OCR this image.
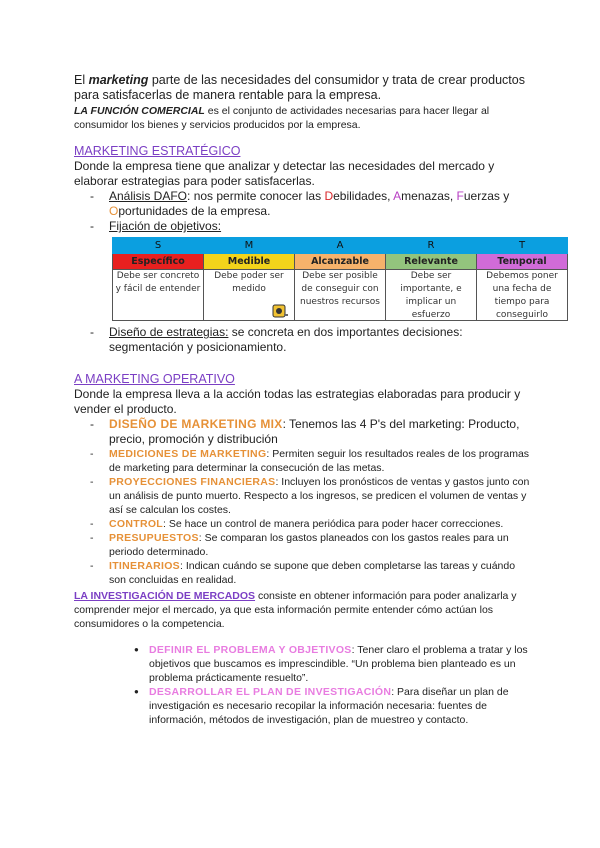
El marketing parte de las necesidades del consumidor y trata de crear productos para satisfacerlas de manera rentable para la empresa.

LA FUNCIÓN COMERCIAL es el conjunto de actividades necesarias para hacer llegar al consumidor los bienes y servicios producidos por la empresa.

MARKETING ESTRATÉGICO

Donde la empresa tiene que analizar y detectar las necesidades del mercado y elaborar estrategias para poder satisfacerlas.

- Análisis DAFO: nos permite conocer las Debilidades, Amenazas, Fuerzas y Oportunidades de la empresa.
- Fijación de objetivos:
S	M	A	R	T
Específico	Medible	Alcanzable	Relevante	Temporal

Debe ser concreto y fácil de entender	Debe poder ser medido	Debe ser posible de conseguir con nuestros recursos	Debe ser importante, e implicar un esfuerzo	Debemos poner una fecha de tiempo para conseguirlo
- Diseño de estrategias: se concreta en dos importantes decisiones: segmentación y posicionamiento.

A MARKETING OPERATIVO

Donde la empresa lleva a la acción todas las estrategias elaboradas para producir y vender el producto.

- DISEÑO DE MARKETING MIX: Tenemos las 4 P's del marketing: Producto, precio, promoción y distribución
- MEDICIONES DE MARKETING: Permiten seguir los resultados reales de los programas de marketing para determinar la consecución de las metas.
- PROYECCIONES FINANCIERAS: Incluyen los pronósticos de ventas y gastos junto con un análisis de punto muerto. Respecto a los ingresos, se predicen el volumen de ventas y así se calculan los costes.
- CONTROL: Se hace un control de manera periódica para poder hacer correcciones.
- PRESUPUESTOS: Se comparan los gastos planeados con los gastos reales para un periodo determinado.
- ITINERARIOS: Indican cuándo se supone que deben completarse las tareas y cuándo son concluidas en realidad.

LA INVESTIGACIÓN DE MERCADOS consiste en obtener información para poder analizarla y comprender mejor el mercado, ya que esta información permite entender cómo actúan los consumidores o la competencia.

● DEFINIR EL PROBLEMA Y OBJETIVOS: Tener claro el problema a tratar y los objetivos que buscamos es imprescindible. “Un problema bien planteado es un problema prácticamente resuelto”.
● DESARROLLAR EL PLAN DE INVESTIGACIÓN: Para diseñar un plan de investigación es necesario recopilar la información necesaria: fuentes de información, métodos de investigación, plan de muestreo y contacto.
